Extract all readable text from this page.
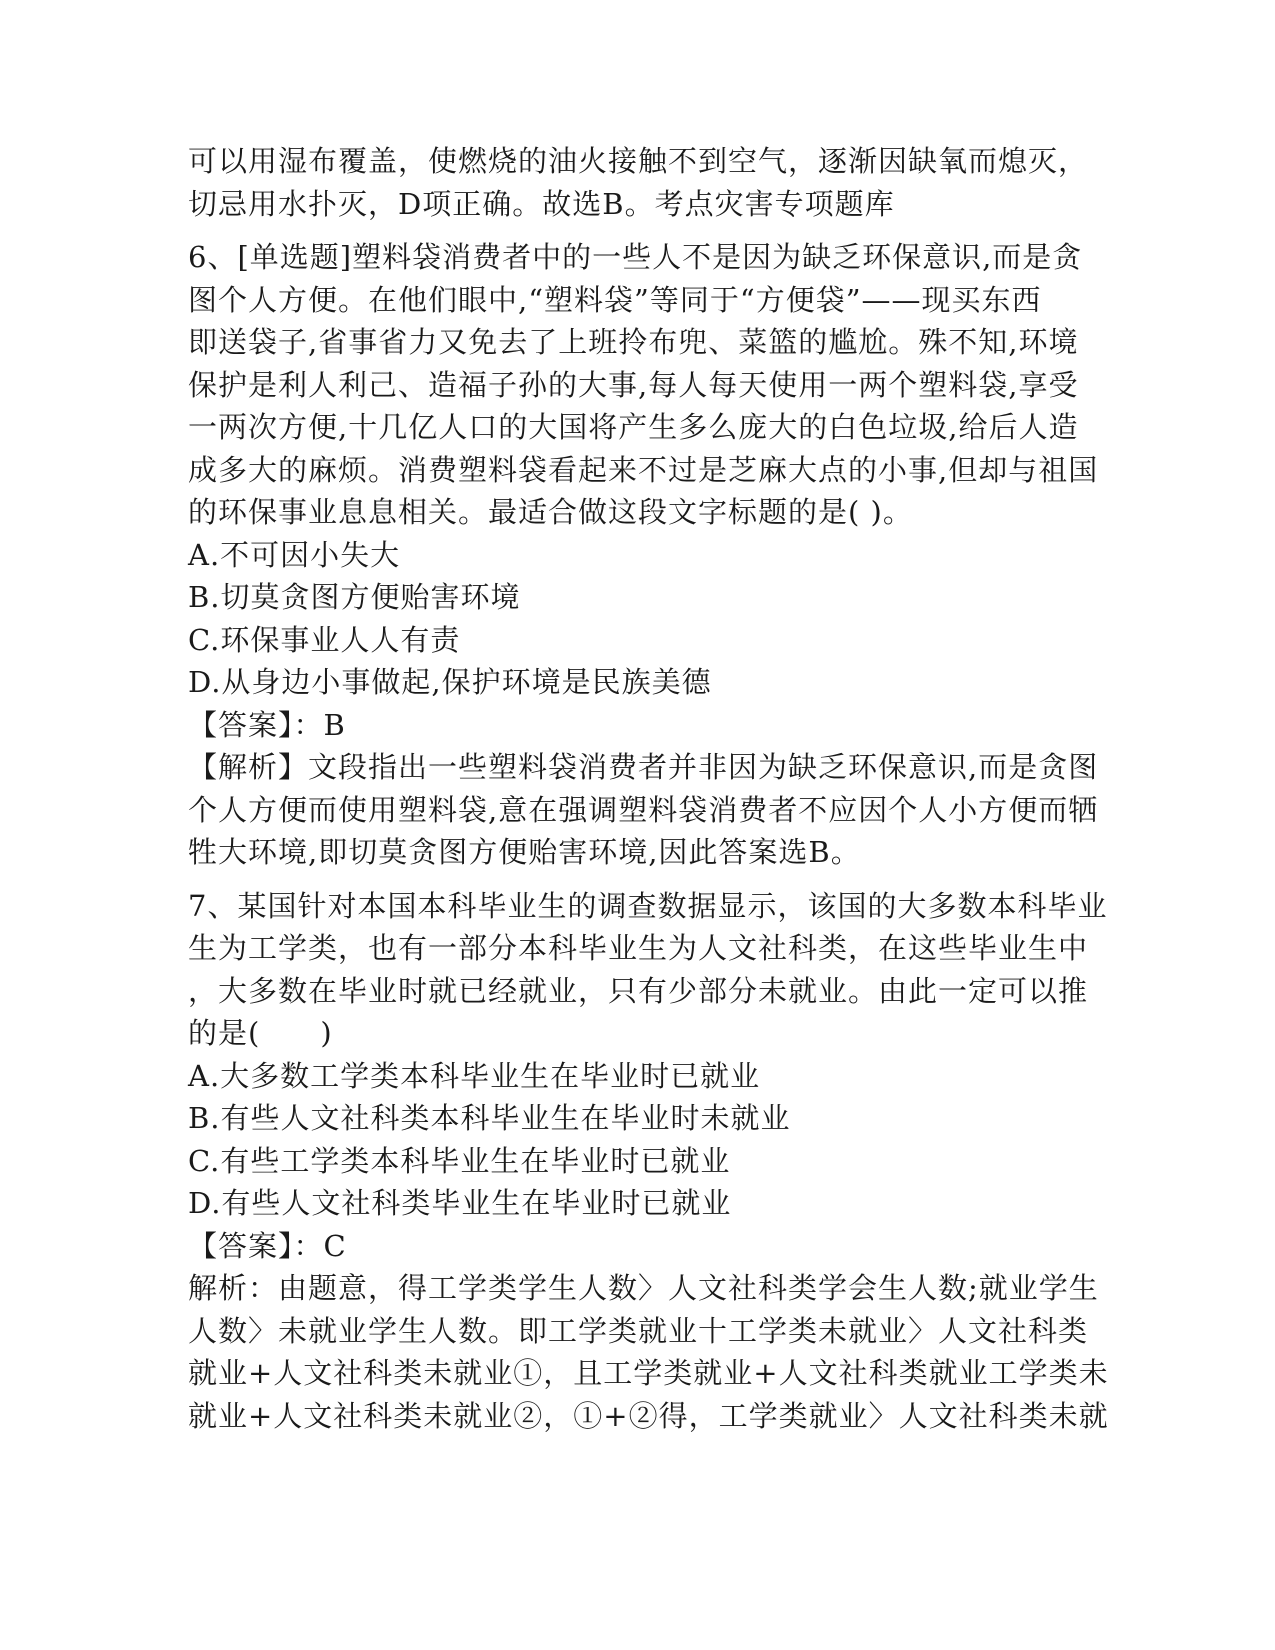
可以用湿布覆盖，使燃烧的油火接触不到空气，逐渐因缺氧而熄灭，
切忌用水扑灭，D项正确。故选B。考点灾害专项题库
6、[单选题]塑料袋消费者中的一些人不是因为缺乏环保意识,而是贪
图个人方便。在他们眼中,“塑料袋”等同于“方便袋”——现买东西
即送袋子,省事省力又免去了上班拎布兜、菜篮的尴尬。殊不知,环境
保护是利人利己、造福子孙的大事,每人每天使用一两个塑料袋,享受
一两次方便,十几亿人口的大国将产生多么庞大的白色垃圾,给后人造
成多大的麻烦。消费塑料袋看起来不过是芝麻大点的小事,但却与祖国
的环保事业息息相关。最适合做这段文字标题的是( )。
A.不可因小失大
B.切莫贪图方便贻害环境
C.环保事业人人有责
D.从身边小事做起,保护环境是民族美德
【答案】：B
【解析】文段指出一些塑料袋消费者并非因为缺乏环保意识,而是贪图
个人方便而使用塑料袋,意在强调塑料袋消费者不应因个人小方便而牺
牲大环境,即切莫贪图方便贻害环境,因此答案选B。
7、某国针对本国本科毕业生的调查数据显示，该国的大多数本科毕业
生为工学类，也有一部分本科毕业生为人文社科类，在这些毕业生中
，大多数在毕业时就已经就业，只有少部分未就业。由此一定可以推
的是(　　)
A.大多数工学类本科毕业生在毕业时已就业
B.有些人文社科类本科毕业生在毕业时未就业
C.有些工学类本科毕业生在毕业时已就业
D.有些人文社科类毕业生在毕业时已就业
【答案】：C
解析：由题意，得工学类学生人数〉人文社科类学会生人数;就业学生
人数〉未就业学生人数。即工学类就业十工学类未就业〉人文社科类
就业+人文社科类未就业①，且工学类就业+人文社科类就业工学类未
就业+人文社科类未就业②，①+②得，工学类就业〉人文社科类未就
